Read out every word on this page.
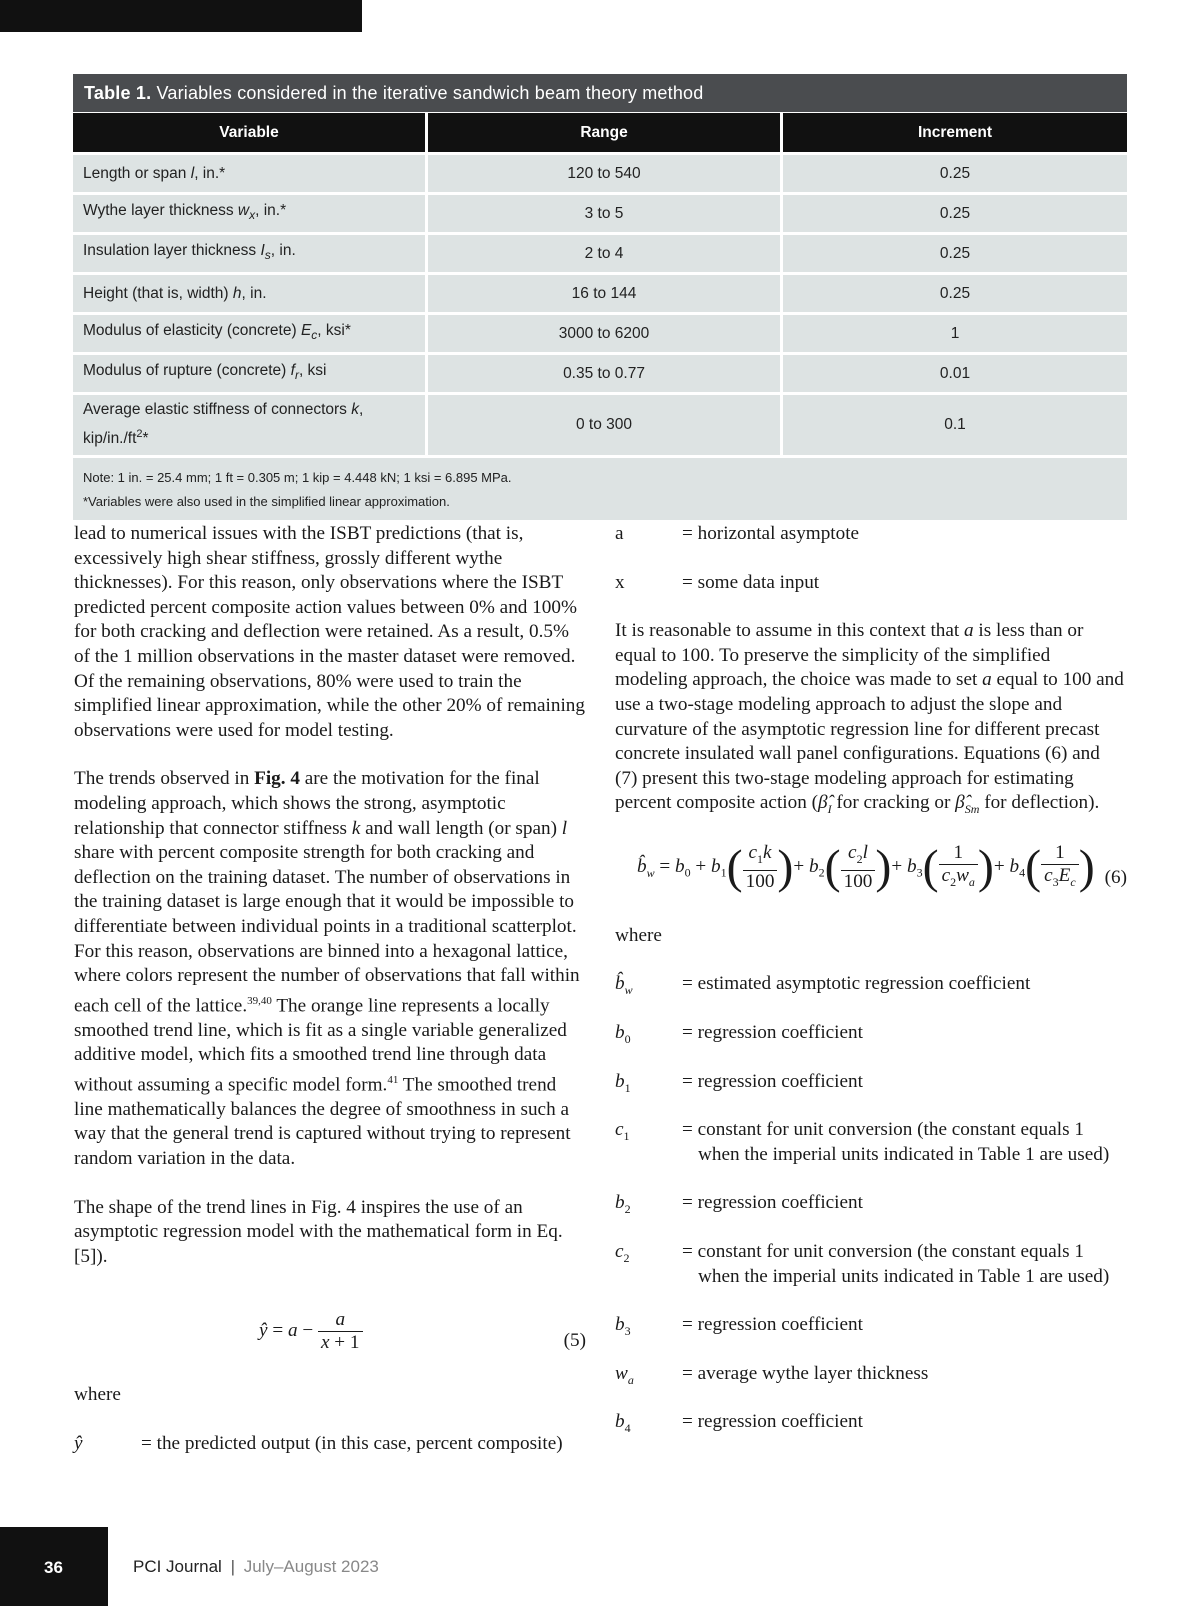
Table 1. Variables considered in the iterative sandwich beam theory method
Variable	Range	Increment
Length or span l, in.*	120 to 540	0.25
Wythe layer thickness $w_x$, in.*	3 to 5	0.25
Insulation layer thickness $I_s$, in.	2 to 4	0.25
Height (that is, width) h, in.	16 to 144	0.25
Modulus of elasticity (concrete) $E_c$, ksi*	3000 to 6200	1
Modulus of rupture (concrete) $f_r$, ksi	0.35 to 0.77	0.01
Average elastic stiffness of connectors k,
kip/$in./ft^2*$	0 to 300	0.1
Note: 1 in. = 25.4 mm; 1 ft = 0.305 m; 1 kip = 4.448 kN; 1 ksi = 6.895 MPa.
*Variables were also used in the simplified linear approximation.

lead to numerical issues with the ISBT predictions (that is, excessively high shear stiffness, grossly different wythe thicknesses). For this reason, only observations where the ISBT predicted percent composite action values between 0% and 100% for both cracking and deflection were retained. As a result, 0.5% of the 1 million observations in the master dataset were removed. Of the remaining observations, 80% were used to train the simplified linear approximation, while the other 20% of remaining observations were used for model testing.

The trends observed in Fig. 4 are the motivation for the final modeling approach, which shows the strong, asymptotic relationship that connector stiffness k and wall length (or span) l share with percent composite strength for both cracking and deflection on the training dataset. The number of observations in the training dataset is large enough that it would be impossible to differentiate between individual points in a traditional scatterplot. For this reason, observations are binned into a hexagonal lattice, where colors represent the number of observations that fall within each cell of the lattice.$^{39,40}$ The orange line represents a locally smoothed trend line, which is fit as a single variable generalized additive model, which fits a smoothed trend line through data without assuming a specific model form.$^{41}$ The smoothed trend line mathematically balances the degree of smoothness in such a way that the general trend is captured without trying to represent random variation in the data.

The shape of the trend lines in Fig. 4 inspires the use of an asymptotic regression model with the mathematical form in Eq. [5]).

ŷ = $a - \frac{a}{x + 1}$	(5)

where

ŷ	= the predicted output (in this case, percent composite)
a	= horizontal asymptote
x	= some data input

It is reasonable to assume in this context that a is less than or equal to 100. To preserve the simplicity of the simplified modeling approach, the choice was made to set a equal to 100 and use a two-stage modeling approach to adjust the slope and curvature of the asymptotic regression line for different precast concrete insulated wall panel configurations. Equations (6) and (7) present this two-stage modeling approach for estimating percent composite action ($\betâ_I$ for cracking or $\betâ_{Sm}$ for deflection).

$b̂_w = b_0 + b_1( \frac{c_1k}{100}$ )+ $b_2( \frac{c_2l}{100}$ )+ $b_3( \frac{1}{c_2w_a}$ )+ $b_4( \frac{1}{c_3E_c}$ ) (6)

where

$b̂_w$	= estimated asymptotic regression coefficient
$b_0$	= regression coefficient
$b_1$	= regression coefficient
$c_1$	= constant for unit conversion (the constant equals 1 when the imperial units indicated in Table 1 are used)
$b_2$	= regression coefficient
$c_2$	= constant for unit conversion (the constant equals 1 when the imperial units indicated in Table 1 are used)
$b_3$	= regression coefficient
$w_a$	= average wythe layer thickness
$b_4$	= regression coefficient
36	PCI Journal | July–August 2023
